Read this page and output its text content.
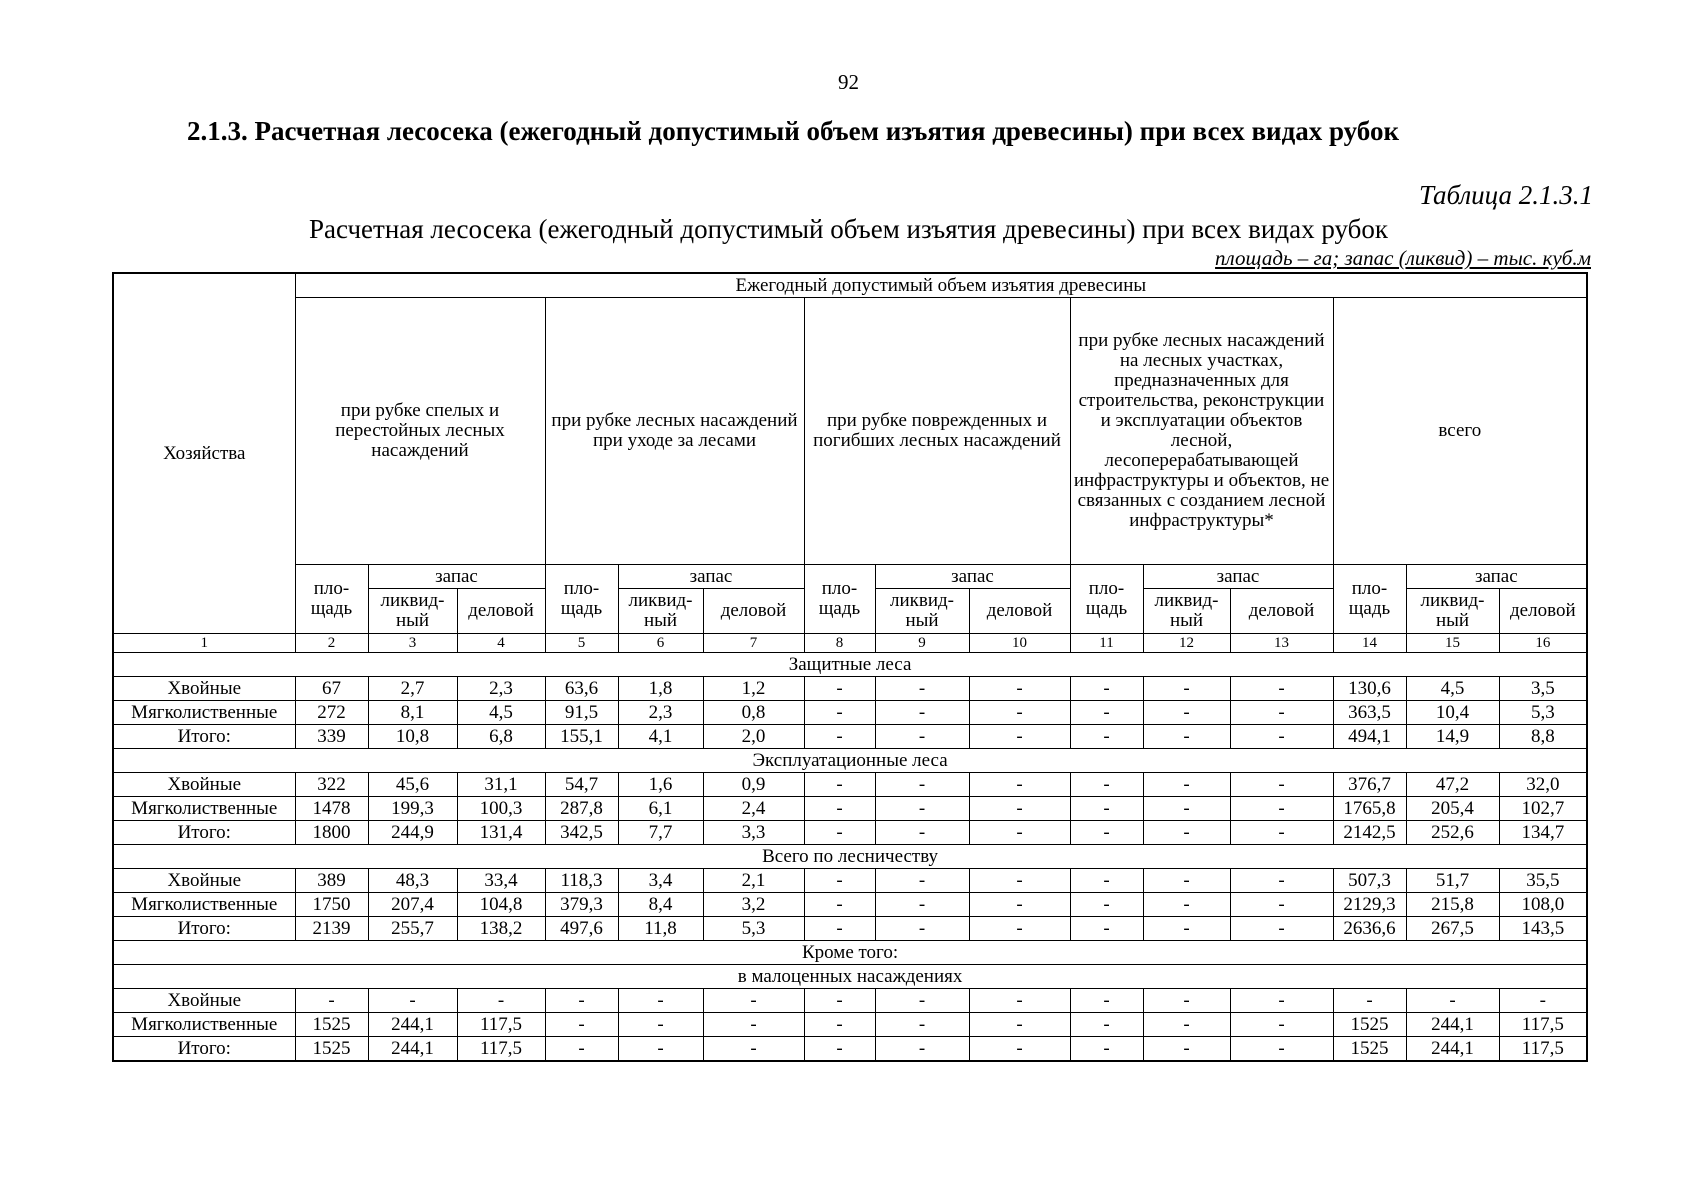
92
2.1.3. Расчетная лесосека (ежегодный допустимый объем изъятия древесины) при всех видах рубок
Таблица 2.1.3.1
Расчетная лесосека (ежегодный допустимый объем изъятия древесины) при всех видах рубок
площадь – га; запас (ликвид) – тыс. куб.м
Хозяйства	Ежегодный допустимый объем изъятия древесины														
	при рубке спелых и перестойных лесных насаждений			при рубке лесных насаждений при уходе за лесами			при рубке поврежденных и погибших лесных насаждений			при рубке лесных насаждений на лесных участках, предназначенных для строительства, реконструкции и эксплуатации объектов лесной, лесоперерабатывающей инфраструктуры и объектов, не связанных с созданием лесной инфраструктуры*			всего		
	пло-щадь	запас		пло-щадь	запас		пло-щадь	запас		пло-щадь	запас		пло-щадь	запас	
		ликвид-ный	деловой		ликвид-ный	деловой		ликвид-ный	деловой		ликвид-ный	деловой		ликвид-ный	деловой
1	2	3	4	5	6	7	8	9	10	11	12	13	14	15	16
Защитные леса															
Хвойные	67	2,7	2,3	63,6	1,8	1,2	-	-	-	-	-	-	130,6	4,5	3,5
Мягколиственные	272	8,1	4,5	91,5	2,3	0,8	-	-	-	-	-	-	363,5	10,4	5,3
Итого:	339	10,8	6,8	155,1	4,1	2,0	-	-	-	-	-	-	494,1	14,9	8,8
Эксплуатационные леса															
Хвойные	322	45,6	31,1	54,7	1,6	0,9	-	-	-	-	-	-	376,7	47,2	32,0
Мягколиственные	1478	199,3	100,3	287,8	6,1	2,4	-	-	-	-	-	-	1765,8	205,4	102,7
Итого:	1800	244,9	131,4	342,5	7,7	3,3	-	-	-	-	-	-	2142,5	252,6	134,7
Всего по лесничеству															
Хвойные	389	48,3	33,4	118,3	3,4	2,1	-	-	-	-	-	-	507,3	51,7	35,5
Мягколиственные	1750	207,4	104,8	379,3	8,4	3,2	-	-	-	-	-	-	2129,3	215,8	108,0
Итого:	2139	255,7	138,2	497,6	11,8	5,3	-	-	-	-	-	-	2636,6	267,5	143,5
Кроме того:															
в малоценных насаждениях															
Хвойные	-	-	-	-	-	-	-	-	-	-	-	-	-	-	-
Мягколиственные	1525	244,1	117,5	-	-	-	-	-	-	-	-	-	1525	244,1	117,5
Итого:	1525	244,1	117,5	-	-	-	-	-	-	-	-	-	1525	244,1	117,5
